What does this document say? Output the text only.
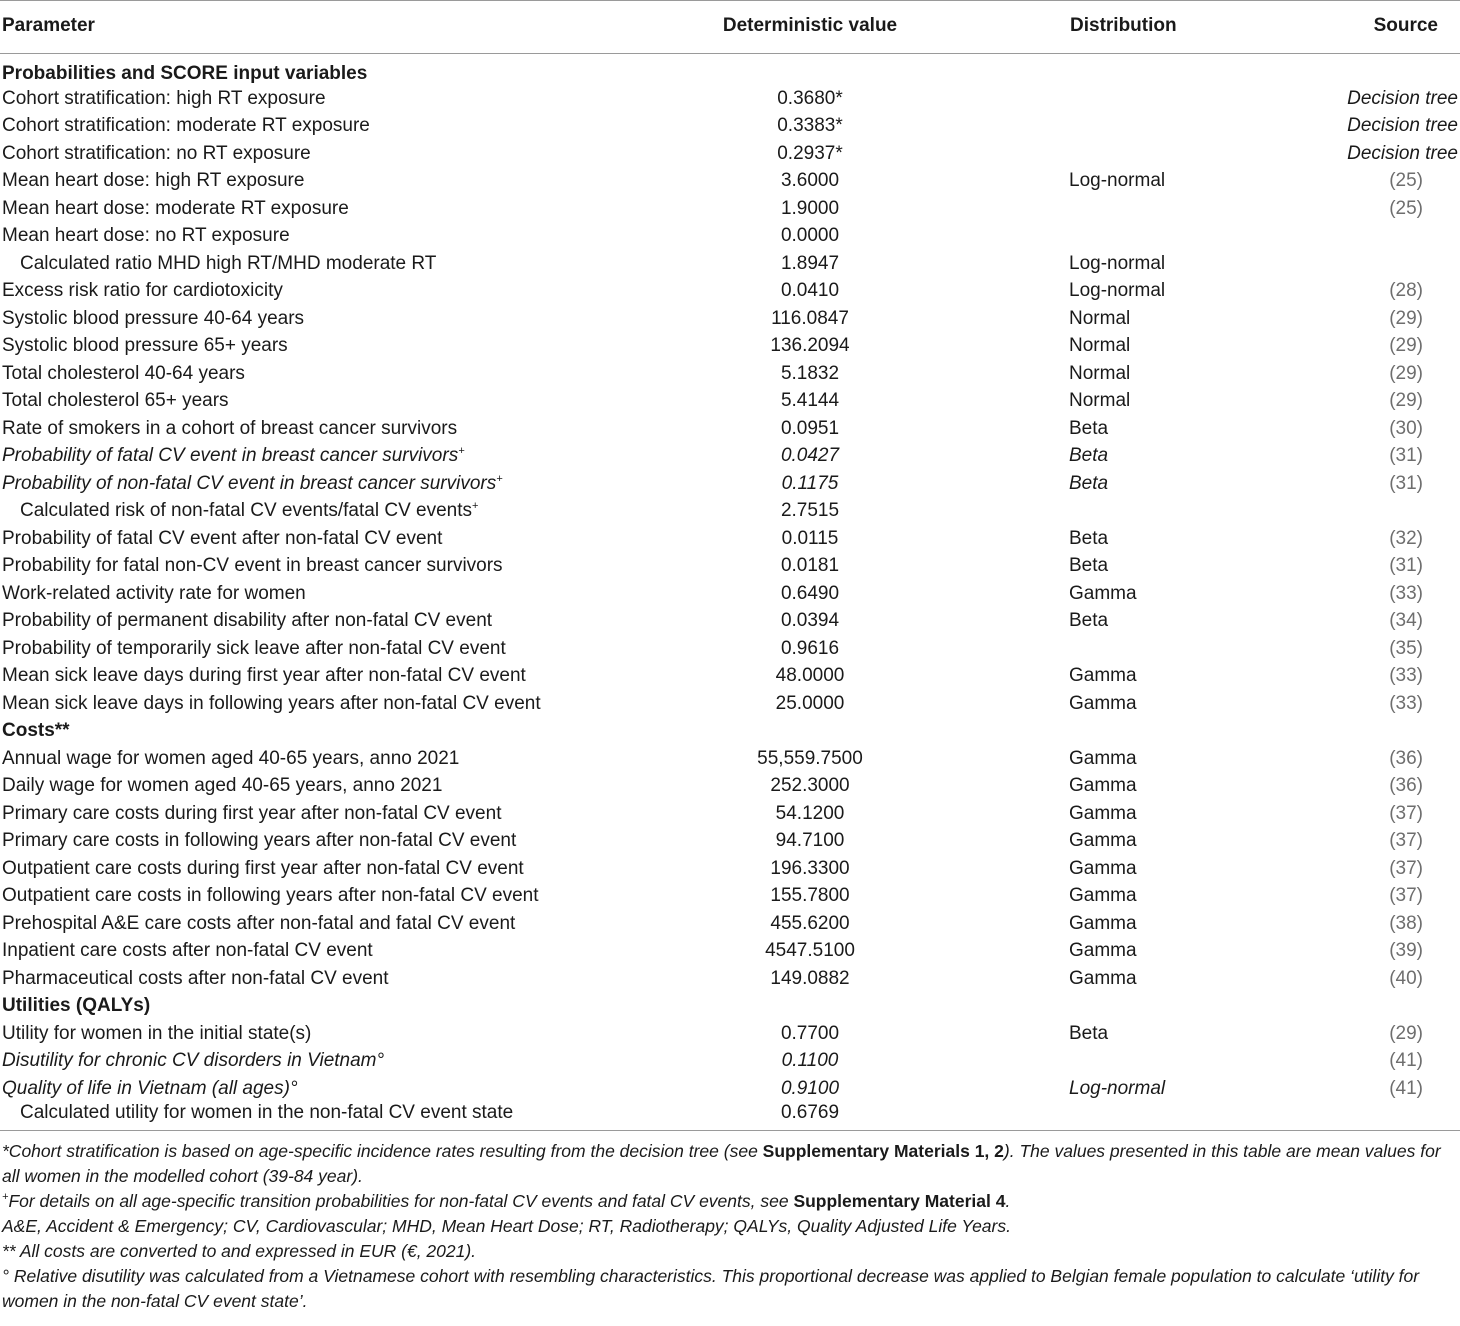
Parameter	Deterministic value	Distribution	Source
Probabilities and SCORE input variables			
Cohort stratification: high RT exposure	0.3680*		Decision tree
Cohort stratification: moderate RT exposure	0.3383*		Decision tree
Cohort stratification: no RT exposure	0.2937*		Decision tree
Mean heart dose: high RT exposure	3.6000	Log-normal	(25)
Mean heart dose: moderate RT exposure	1.9000		(25)
Mean heart dose: no RT exposure	0.0000		
Calculated ratio MHD high RT/MHD moderate RT	1.8947	Log-normal	
Excess risk ratio for cardiotoxicity	0.0410	Log-normal	(28)
Systolic blood pressure 40-64 years	116.0847	Normal	(29)
Systolic blood pressure 65+ years	136.2094	Normal	(29)
Total cholesterol 40-64 years	5.1832	Normal	(29)
Total cholesterol 65+ years	5.4144	Normal	(29)
Rate of smokers in a cohort of breast cancer survivors	0.0951	Beta	(30)
Probability of fatal CV event in breast cancer survivors+	0.0427	Beta	(31)
Probability of non-fatal CV event in breast cancer survivors+	0.1175	Beta	(31)
Calculated risk of non-fatal CV events/fatal CV events+	2.7515		
Probability of fatal CV event after non-fatal CV event	0.0115	Beta	(32)
Probability for fatal non-CV event in breast cancer survivors	0.0181	Beta	(31)
Work-related activity rate for women	0.6490	Gamma	(33)
Probability of permanent disability after non-fatal CV event	0.0394	Beta	(34)
Probability of temporarily sick leave after non-fatal CV event	0.9616		(35)
Mean sick leave days during first year after non-fatal CV event	48.0000	Gamma	(33)
Mean sick leave days in following years after non-fatal CV event	25.0000	Gamma	(33)
Costs**			
Annual wage for women aged 40-65 years, anno 2021	55,559.7500	Gamma	(36)
Daily wage for women aged 40-65 years, anno 2021	252.3000	Gamma	(36)
Primary care costs during first year after non-fatal CV event	54.1200	Gamma	(37)
Primary care costs in following years after non-fatal CV event	94.7100	Gamma	(37)
Outpatient care costs during first year after non-fatal CV event	196.3300	Gamma	(37)
Outpatient care costs in following years after non-fatal CV event	155.7800	Gamma	(37)
Prehospital A&E care costs after non-fatal and fatal CV event	455.6200	Gamma	(38)
Inpatient care costs after non-fatal CV event	4547.5100	Gamma	(39)
Pharmaceutical costs after non-fatal CV event	149.0882	Gamma	(40)
Utilities (QALYs)			
Utility for women in the initial state(s)	0.7700	Beta	(29)
Disutility for chronic CV disorders in Vietnam°	0.1100		(41)
Quality of life in Vietnam (all ages)°	0.9100	Log-normal	(41)
Calculated utility for women in the non-fatal CV event state	0.6769		

*Cohort stratification is based on age-specific incidence rates resulting from the decision tree (see Supplementary Materials 1, 2). The values presented in this table are mean values for all women in the modelled cohort (39-84 year).

+For details on all age-specific transition probabilities for non-fatal CV events and fatal CV events, see Supplementary Material 4.

A&E, Accident & Emergency; CV, Cardiovascular; MHD, Mean Heart Dose; RT, Radiotherapy; QALYs, Quality Adjusted Life Years.

** All costs are converted to and expressed in EUR (€, 2021).

° Relative disutility was calculated from a Vietnamese cohort with resembling characteristics. This proportional decrease was applied to Belgian female population to calculate ‘utility for women in the non-fatal CV event state’.
